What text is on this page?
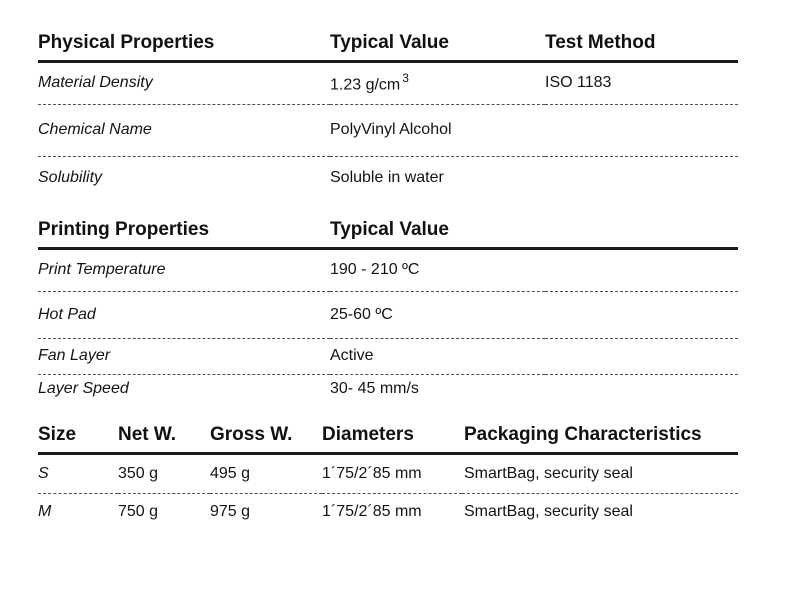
Physical Properties	Typical Value	Test Method
Material Density	1.23 g/cm $^3$	ISO 1183
Chemical Name	PolyVinyl Alcohol	
Solubility	Soluble in water	
Printing Properties	Typical Value	
Print Temperature	190 - 210 ºC	
Hot Pad	25-60 ºC	
Fan Layer	Active	
Layer Speed	30- 45 mm/s	
Size	Net W.	Gross W.	Diameters	Packaging Characteristics
S	350 g	495 g	1´75/2´85 mm	SmartBag, security seal
M	750 g	975 g	1´75/2´85 mm	SmartBag, security seal
